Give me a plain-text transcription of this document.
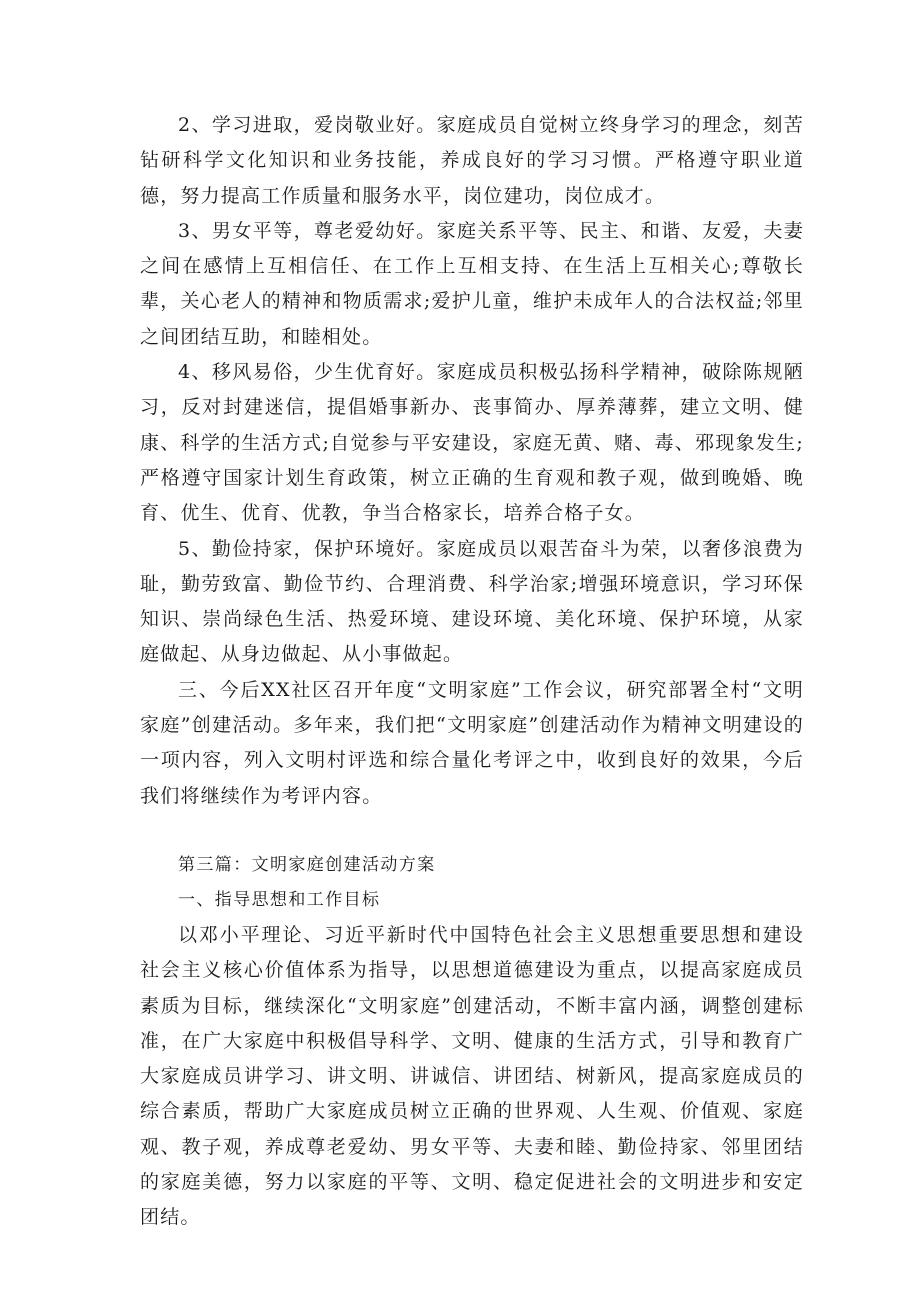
2、学习进取，爱岗敬业好。家庭成员自觉树立终身学习的理念，刻苦钻研科学文化知识和业务技能，养成良好的学习习惯。严格遵守职业道德，努力提高工作质量和服务水平，岗位建功，岗位成才。

3、男女平等，尊老爱幼好。家庭关系平等、民主、和谐、友爱，夫妻之间在感情上互相信任、在工作上互相支持、在生活上互相关心;尊敬长辈，关心老人的精神和物质需求;爱护儿童，维护未成年人的合法权益;邻里之间团结互助，和睦相处。

4、移风易俗，少生优育好。家庭成员积极弘扬科学精神，破除陈规陋习，反对封建迷信，提倡婚事新办、丧事简办、厚养薄葬，建立文明、健康、科学的生活方式;自觉参与平安建设，家庭无黄、赌、毒、邪现象发生;严格遵守国家计划生育政策，树立正确的生育观和教子观，做到晚婚、晚育、优生、优育、优教，争当合格家长，培养合格子女。

5、勤俭持家，保护环境好。家庭成员以艰苦奋斗为荣，以奢侈浪费为耻，勤劳致富、勤俭节约、合理消费、科学治家;增强环境意识，学习环保知识、崇尚绿色生活、热爱环境、建设环境、美化环境、保护环境，从家庭做起、从身边做起、从小事做起。

三、今后XX社区召开年度“文明家庭”工作会议，研究部署全村“文明家庭”创建活动。多年来，我们把“文明家庭”创建活动作为精神文明建设的一项内容，列入文明村评选和综合量化考评之中，收到良好的效果，今后我们将继续作为考评内容。

第三篇：文明家庭创建活动方案

一、指导思想和工作目标

以邓小平理论、习近平新时代中国特色社会主义思想重要思想和建设社会主义核心价值体系为指导，以思想道德建设为重点，以提高家庭成员素质为目标，继续深化“文明家庭”创建活动，不断丰富内涵，调整创建标准，在广大家庭中积极倡导科学、文明、健康的生活方式，引导和教育广大家庭成员讲学习、讲文明、讲诚信、讲团结、树新风，提高家庭成员的综合素质，帮助广大家庭成员树立正确的世界观、人生观、价值观、家庭观、教子观，养成尊老爱幼、男女平等、夫妻和睦、勤俭持家、邻里团结的家庭美德，努力以家庭的平等、文明、稳定促进社会的文明进步和安定团结。
